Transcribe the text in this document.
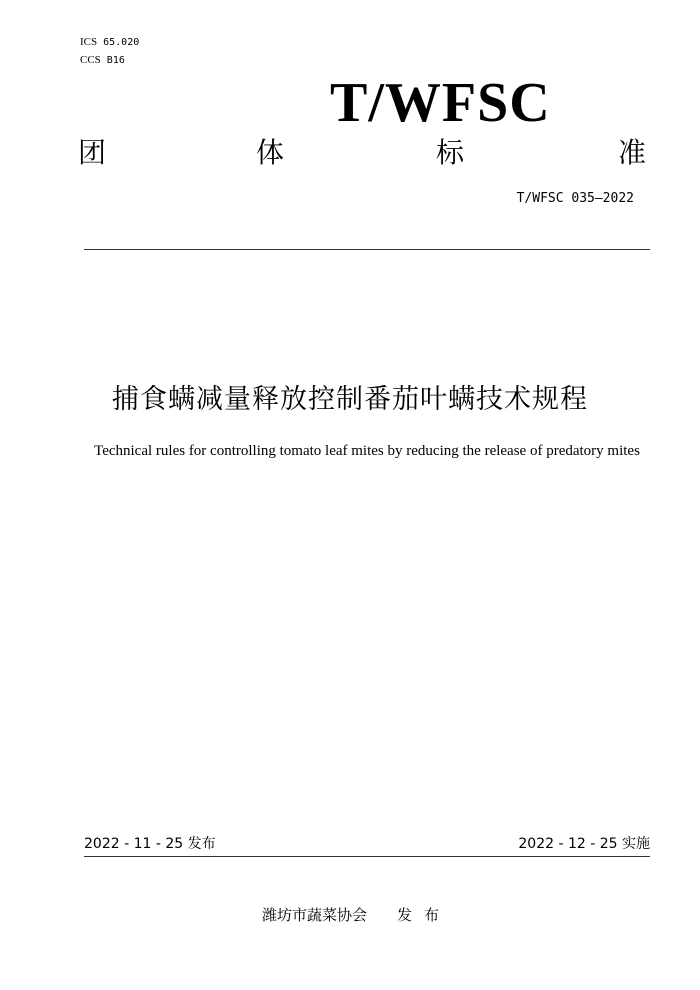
ICS 65.020
CCS B16
T/WFSC
团	体	标	准
T/WFSC 035—2022
捕食螨减量释放控制番茄叶螨技术规程
Technical rules for controlling tomato leaf mites by reducing the release of predatory mites
2022 - 11 - 25 发布	2022 - 12 - 25 实施
潍坊市蔬菜协会 发布
